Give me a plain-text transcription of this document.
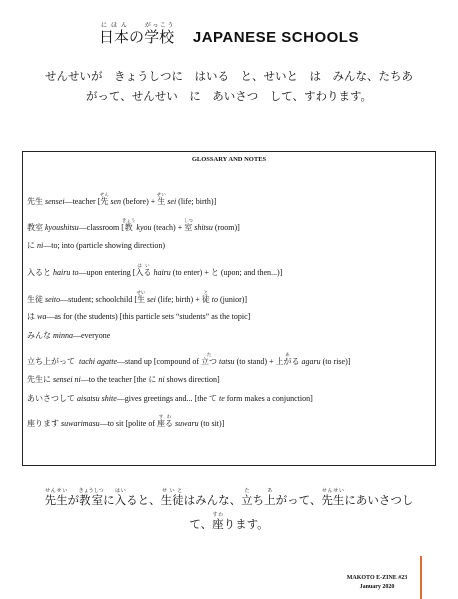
日本にほんの学校がっこう JAPANESE SCHOOLS
せんせいが　きょうしつに　はいる　と、せいと　は　みんな、たちあ
がって、せんせい　に　あいさつ　して、すわります。
GLOSSARY AND NOTES
先生 sensei—teacher [先せん sen (before) + 生せい sei (life; birth)]
教室 kyoushitsu—classroom [教きょう kyou (teach) + 室しつ shitsu (room)]
に ni—to; into (particle showing direction)
入ると hairu to—upon entering [入るはい hairu (to enter) + と (upon; and then...)]
生徒 seito—student; schoolchild [生せい sei (life; birth) + 徒と to (junior)]
は wa—as for (the students) [this particle sets “students” as the topic]
みんな minna—everyone
立ち上がって tachi agatte—stand up [compound of 立つた tatsu (to stand) + 上がるあ agaru (to rise)]
先生に sensei ni—to the teacher [the に ni shows direction]
あいさつして aisatsu shite—gives greetings and... [the て te form makes a conjunction]
座ります suwarimasu—to sit [polite of 座るすわ suwaru (to sit)]
先生せんせいが教室きょうしつに入はいると、生徒せいとはみんな、立たち上あがって、先生せんせいにあいさつし
て、座すわります。
MAKOTO E-ZINE #23
January 2020
